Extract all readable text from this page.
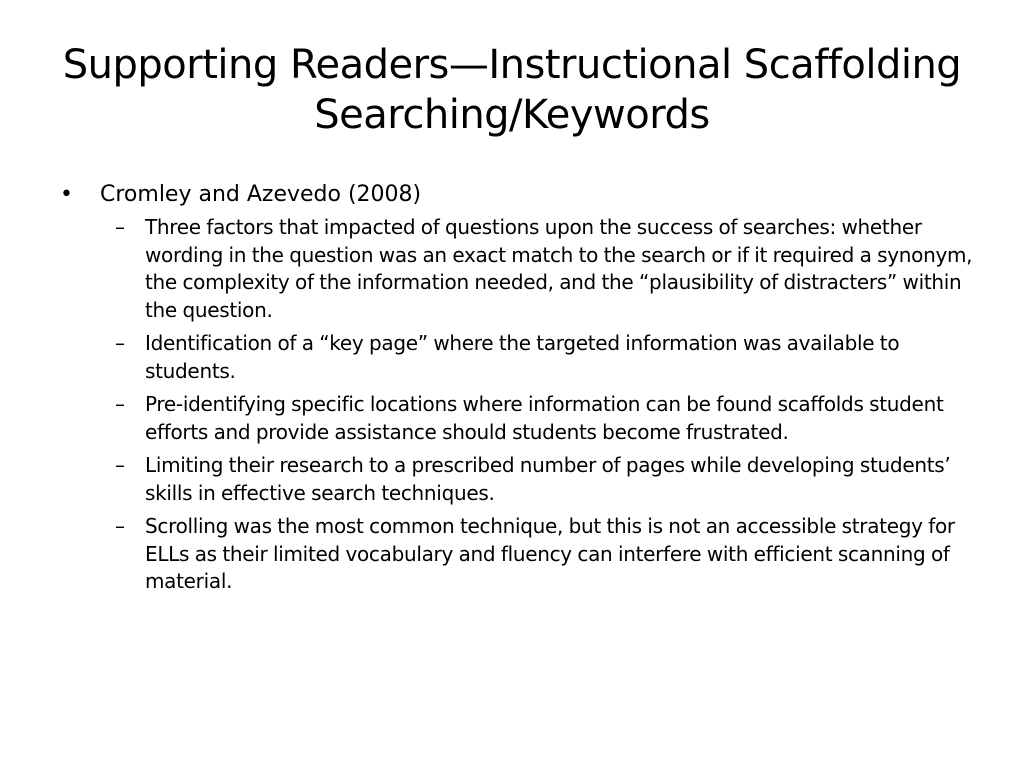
Supporting Readers—Instructional Scaffolding
Searching/Keywords
• Cromley and Azevedo (2008)
– Three factors that impacted of questions upon the success of searches: whether wording in the question was an exact match to the search or if it required a synonym, the complexity of the information needed, and the “plausibility of distracters” within the question.
– Identification of a “key page” where the targeted information was available to students.
– Pre-identifying specific locations where information can be found scaffolds student efforts and provide assistance should students become frustrated.
– Limiting their research to a prescribed number of pages while developing students’ skills in effective search techniques.
– Scrolling was the most common technique, but this is not an accessible strategy for ELLs as their limited vocabulary and fluency can interfere with efficient scanning of material.
